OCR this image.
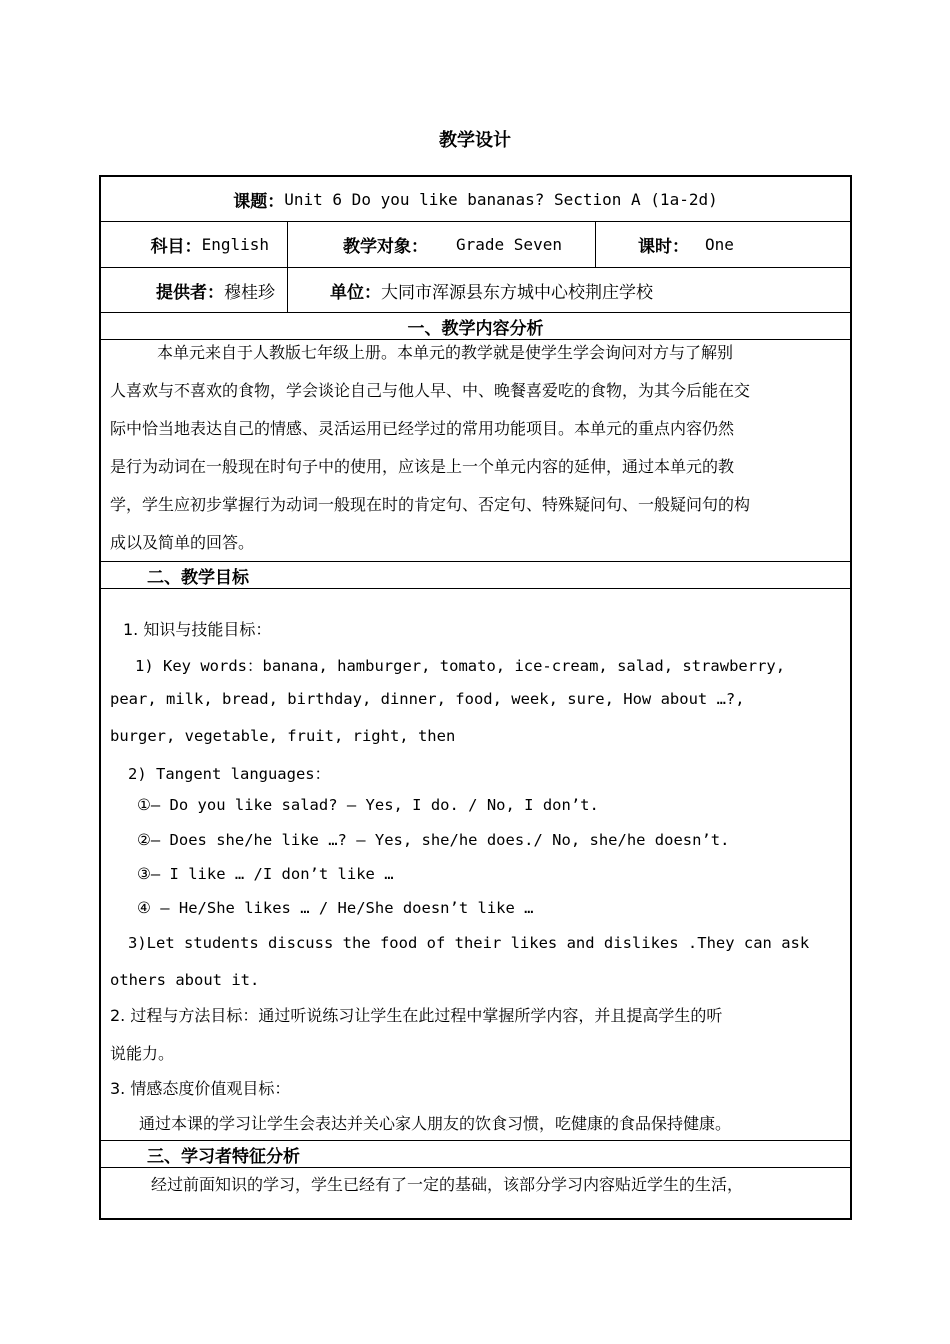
教学设计
课题： Unit 6 Do you like bananas? Section A (1a-2d)
科目： English	教学对象： Grade Seven	课时： One
提供者： 穆桂珍	单位： 大同市浑源县东方城中心校荆庄学校
一、教学内容分析
本单元来自于人教版七年级上册。本单元的教学就是使学生学会询问对方与了解别
人喜欢与不喜欢的食物，学会谈论自己与他人早、中、晚餐喜爱吃的食物，为其今后能在交
际中恰当地表达自己的情感、灵活运用已经学过的常用功能项目。本单元的重点内容仍然
是行为动词在一般现在时句子中的使用，应该是上一个单元内容的延伸，通过本单元的教
学，学生应初步掌握行为动词一般现在时的肯定句、否定句、特殊疑问句、一般疑问句的构
成以及简单的回答。
二、教学目标
1. 知识与技能目标：
1) Key words：banana, hamburger, tomato, ice-cream, salad, strawberry,
pear, milk, bread, birthday, dinner, food, week, sure, How about …?,
burger, vegetable, fruit, right, then
2) Tangent languages：
①— Do you like salad? — Yes, I do. / No, I don’t.
②— Does she/he like …? — Yes, she/he does./ No, she/he doesn’t.
③— I like … /I don’t like …
④ — He/She likes … / He/She doesn’t like …
3)Let students discuss the food of their likes and dislikes .They can ask
others about it.
2. 过程与方法目标：通过听说练习让学生在此过程中掌握所学内容，并且提高学生的听
说能力。
3. 情感态度价值观目标：
通过本课的学习让学生会表达并关心家人朋友的饮食习惯，吃健康的食品保持健康。
三、学习者特征分析
经过前面知识的学习，学生已经有了一定的基础，该部分学习内容贴近学生的生活，
